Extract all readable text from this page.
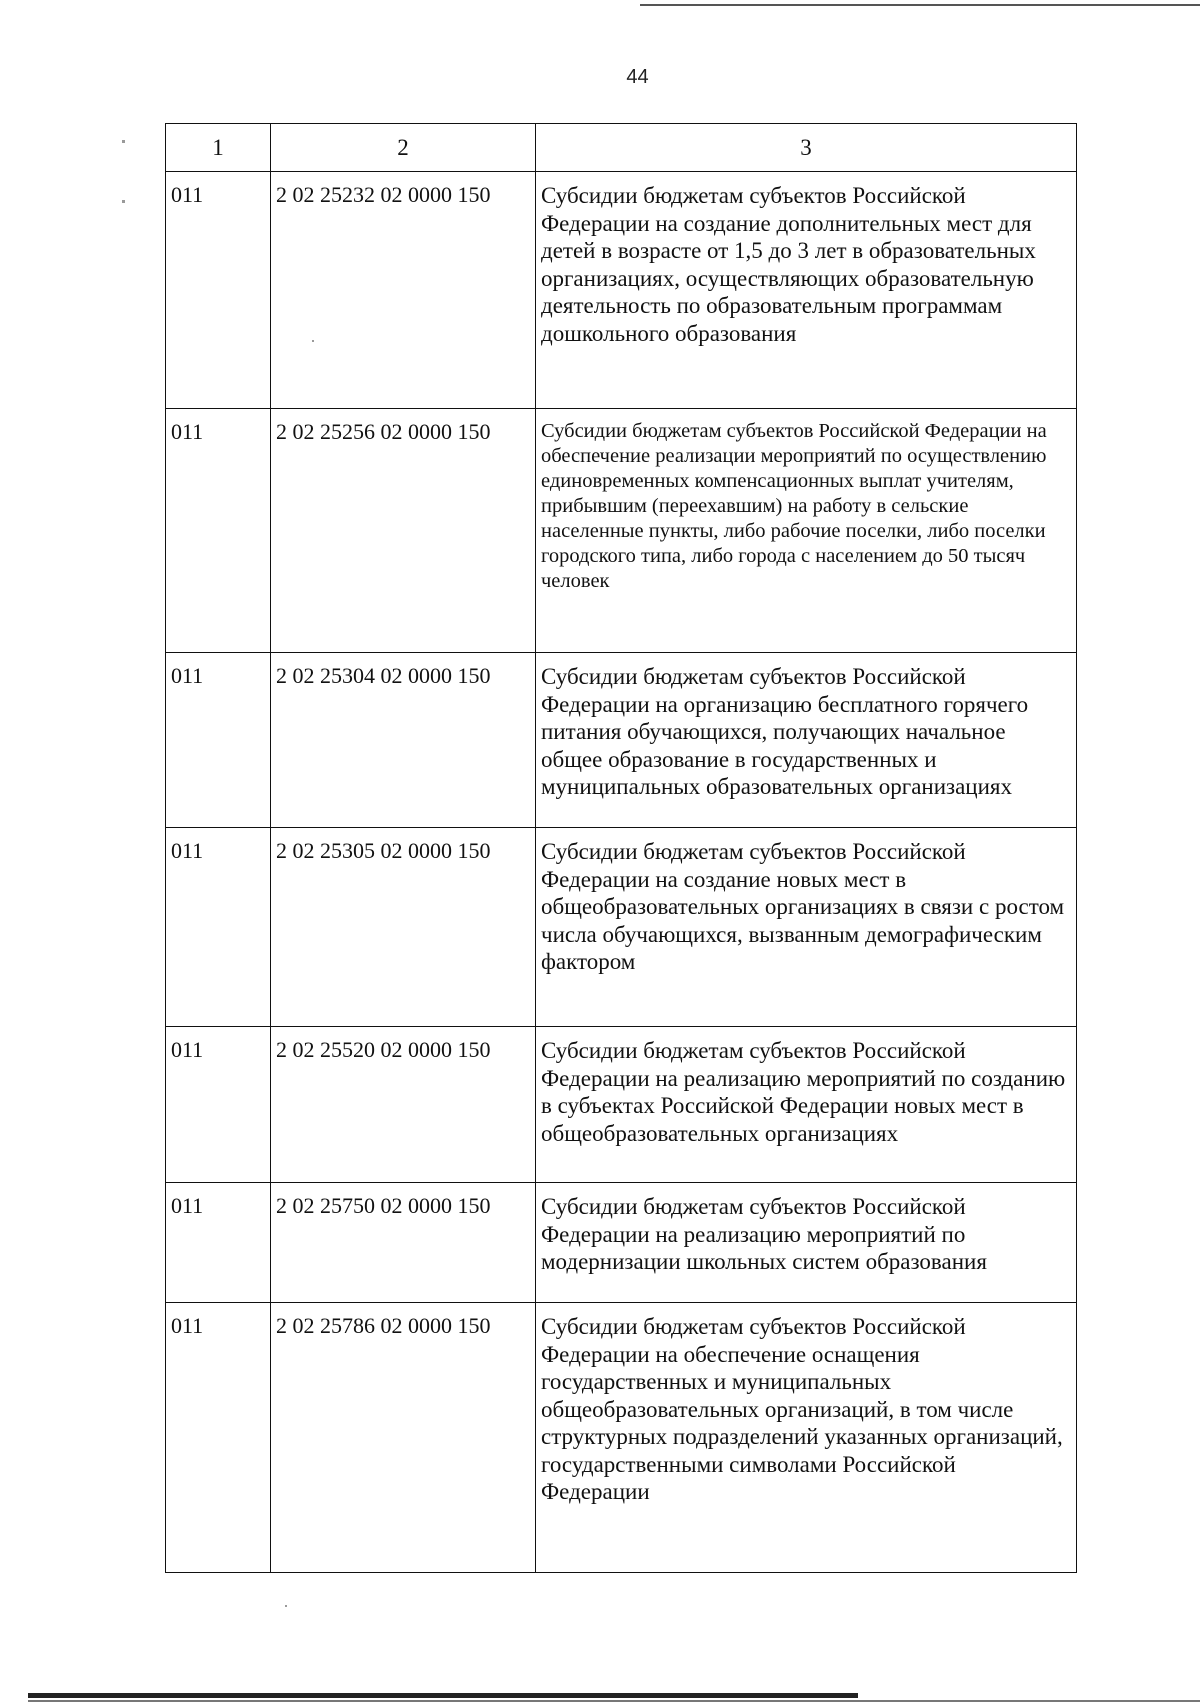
44
1	2	3

011	2 02 25232 02 0000 150	Субсидии бюджетам субъектов Российской Федерации на создание дополнительных мест для детей в возрасте от 1,5 до 3 лет в образовательных организациях, осуществляющих образовательную деятельность по образовательным программам дошкольного образования

011	2 02 25256 02 0000 150	Субсидии бюджетам субъектов Российской Федерации на обеспечение реализации мероприятий по осуществлению единовременных компенсационных выплат учителям, прибывшим (переехавшим) на работу в сельские населенные пункты, либо рабочие поселки, либо поселки городского типа, либо города с населением до 50 тысяч человек

011	2 02 25304 02 0000 150	Субсидии бюджетам субъектов Российской Федерации на организацию бесплатного горячего питания обучающихся, получающих начальное общее образование в государственных и муниципальных образовательных организациях

011	2 02 25305 02 0000 150	Субсидии бюджетам субъектов Российской Федерации на создание новых мест в общеобразовательных организациях в связи с ростом числа обучающихся, вызванным демографическим фактором

011	2 02 25520 02 0000 150	Субсидии бюджетам субъектов Российской Федерации на реализацию мероприятий по созданию в субъектах Российской Федерации новых мест в общеобразовательных организациях

011	2 02 25750 02 0000 150	Субсидии бюджетам субъектов Российской Федерации на реализацию мероприятий по модернизации школьных систем образования

011	2 02 25786 02 0000 150	Субсидии бюджетам субъектов Российской Федерации на обеспечение оснащения государственных и муниципальных общеобразовательных организаций, в том числе структурных подразделений указанных организаций, государственными символами Российской Федерации
